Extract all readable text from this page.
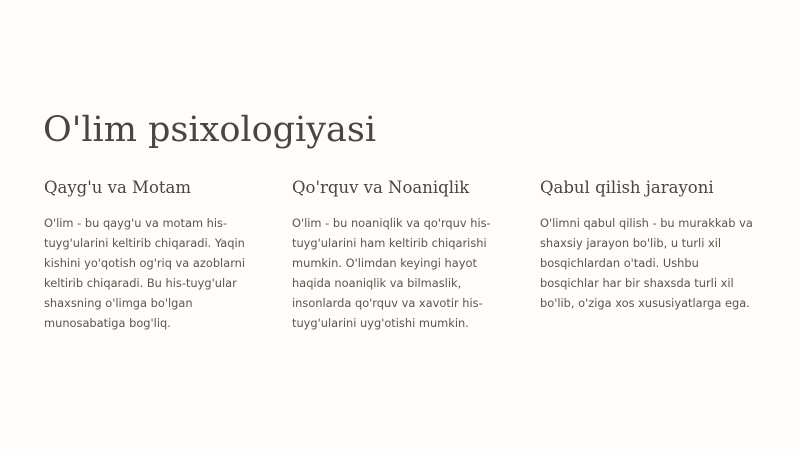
O'lim psixologiyasi
Qayg'u va Motam

O'lim - bu qayg'u va motam his-tuyg'ularini keltirib chiqaradi. Yaqin kishini yo'qotish og'riq va azoblarni keltirib chiqaradi. Bu his-tuyg'ular shaxsning o'limga bo'lgan munosabatiga bog'liq.

Qo'rquv va Noaniqlik

O'lim - bu noaniqlik va qo'rquv his-tuyg'ularini ham keltirib chiqarishi mumkin. O'limdan keyingi hayot haqida noaniqlik va bilmaslik, insonlarda qo'rquv va xavotir his-tuyg'ularini uyg'otishi mumkin.

Qabul qilish jarayoni

O'limni qabul qilish - bu murakkab va shaxsiy jarayon bo'lib, u turli xil bosqichlardan o'tadi. Ushbu bosqichlar har bir shaxsda turli xil bo'lib, o'ziga xos xususiyatlarga ega.
